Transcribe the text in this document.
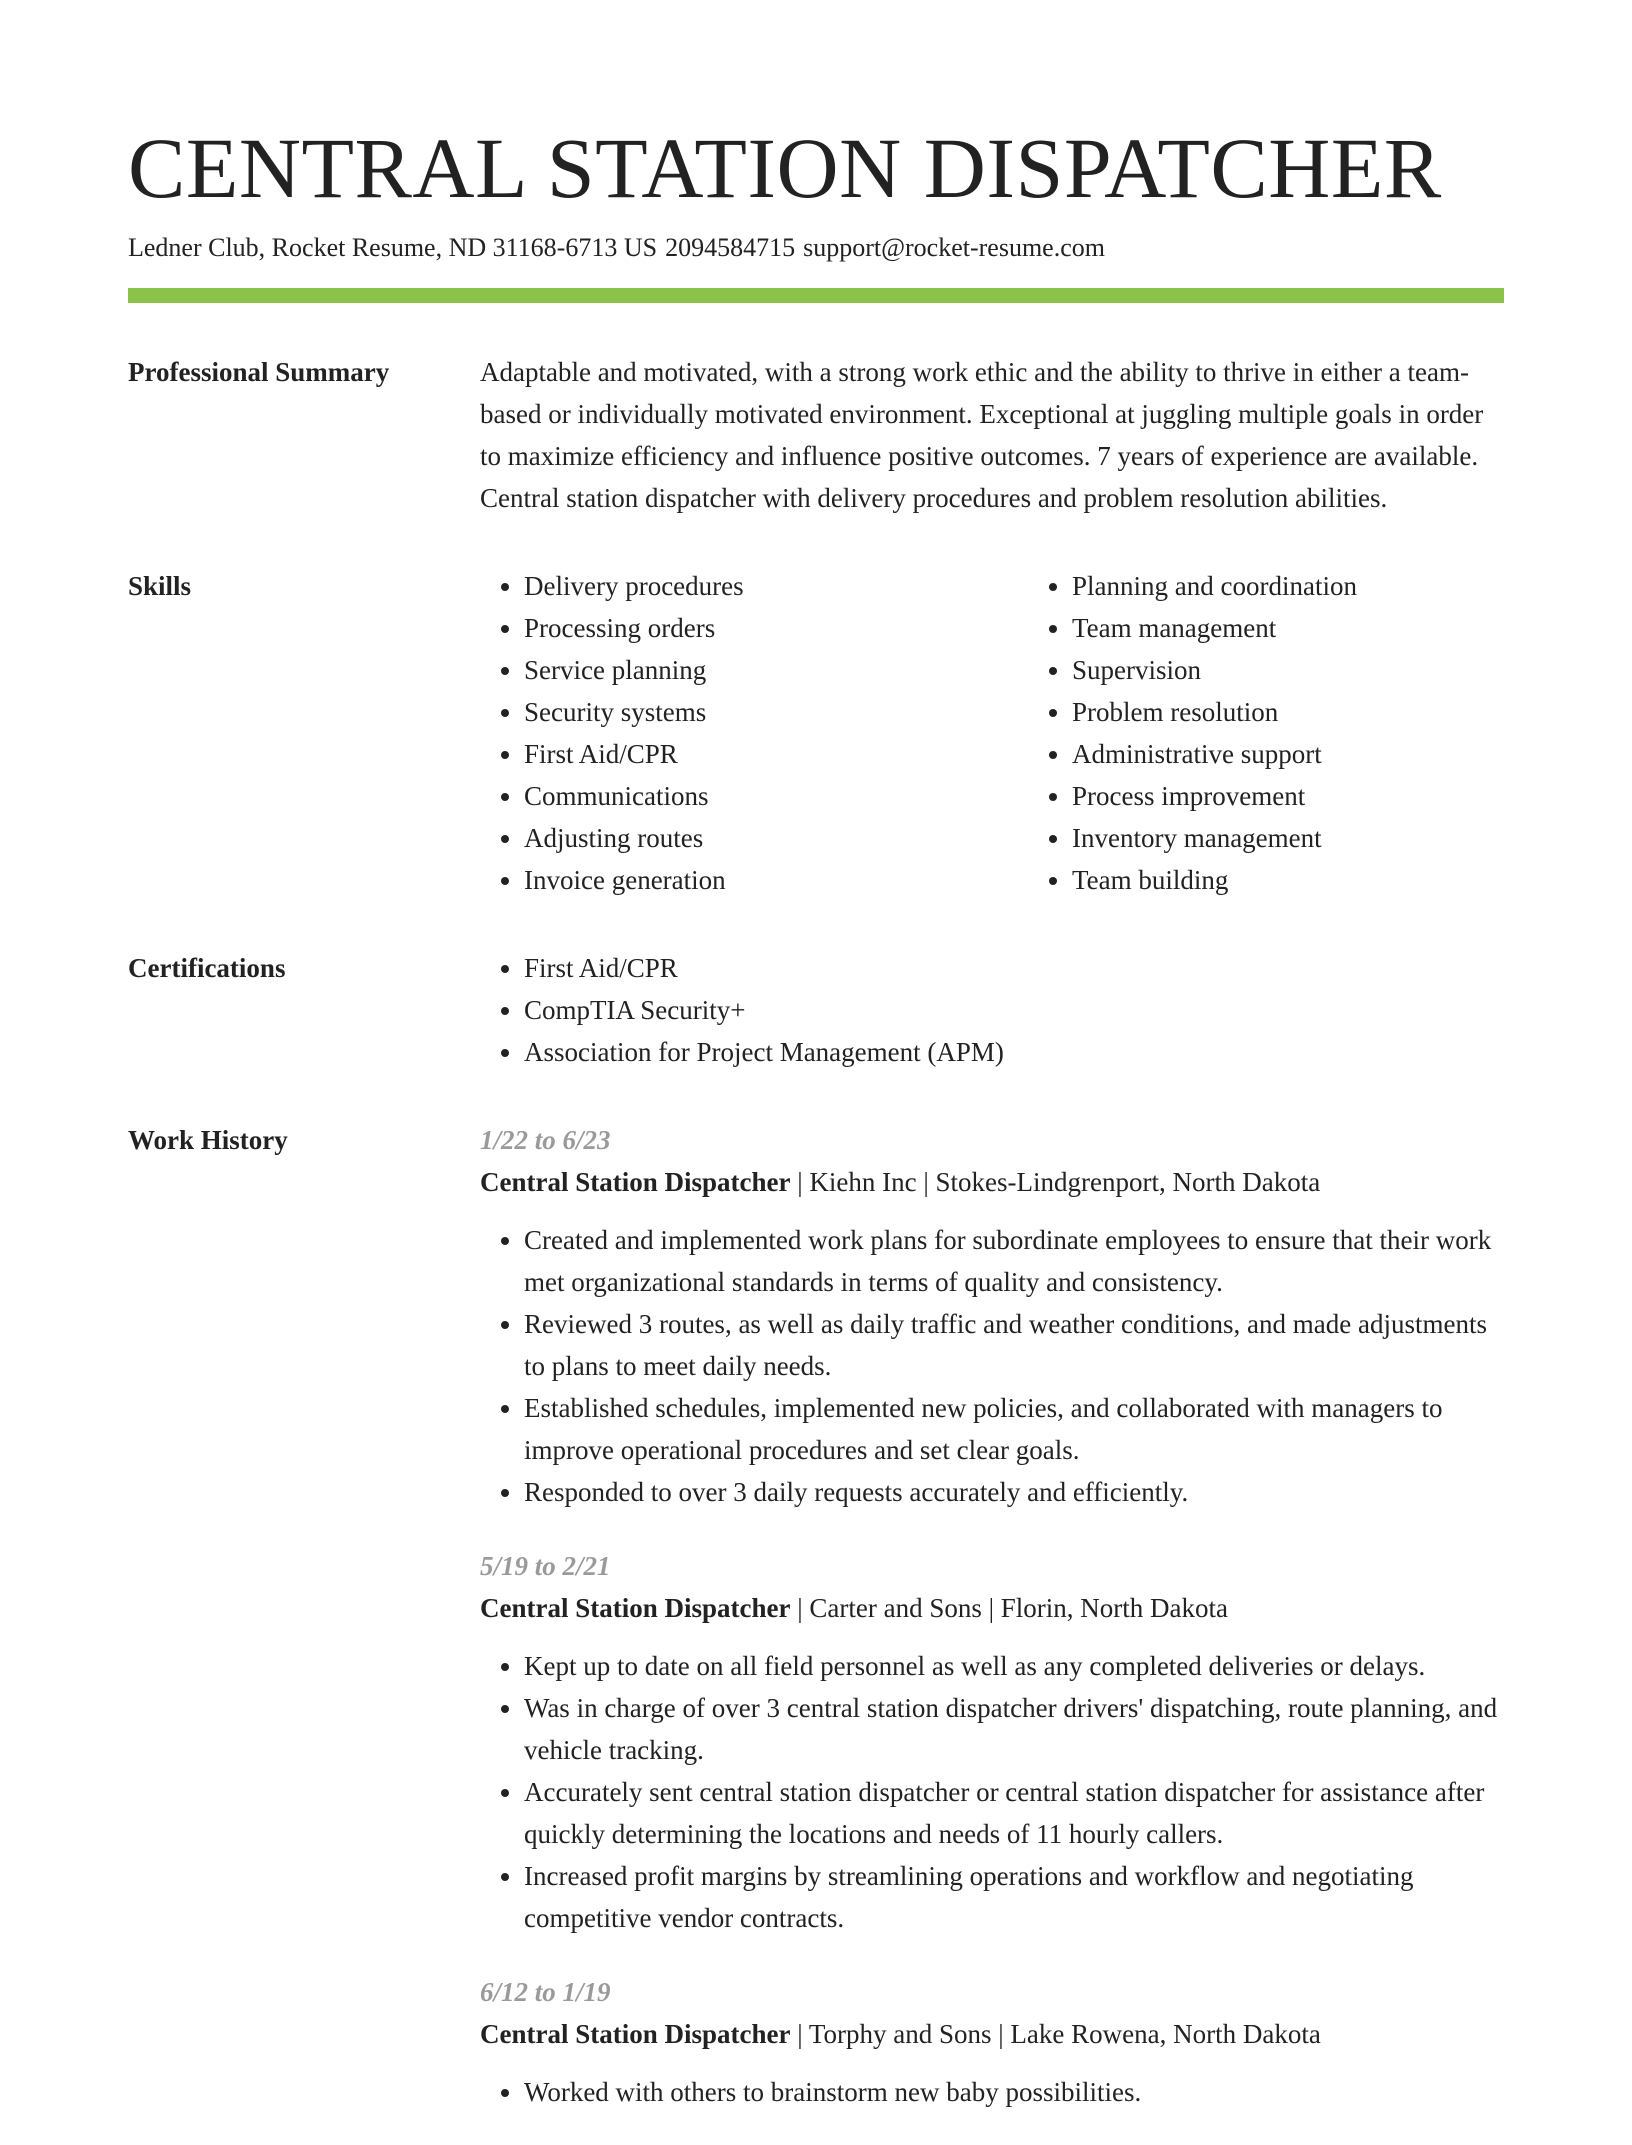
CENTRAL STATION DISPATCHER
Ledner Club, Rocket Resume, ND 31168-6713 US 2094584715 support@rocket-resume.com
Professional Summary	Adaptable and motivated, with a strong work ethic and the ability to thrive in either a team-based or individually motivated environment. Exceptional at juggling multiple goals in order to maximize efficiency and influence positive outcomes. 7 years of experience are available. Central station dispatcher with delivery procedures and problem resolution abilities.

Skills	• Delivery procedures
• Processing orders
• Service planning
• Security systems
• First Aid/CPR
• Communications
• Adjusting routes
• Invoice generation
• Planning and coordination
• Team management
• Supervision
• Problem resolution
• Administrative support
• Process improvement
• Inventory management
• Team building
Certifications	• First Aid/CPR
• CompTIA Security+
• Association for Project Management (APM)
Work History	1/22 to 6/23
Central Station Dispatcher | Kiehn Inc | Stokes-Lindgrenport, North Dakota
• Created and implemented work plans for subordinate employees to ensure that their work met organizational standards in terms of quality and consistency.
• Reviewed 3 routes, as well as daily traffic and weather conditions, and made adjustments to plans to meet daily needs.
• Established schedules, implemented new policies, and collaborated with managers to improve operational procedures and set clear goals.
• Responded to over 3 daily requests accurately and efficiently.
5/19 to 2/21
Central Station Dispatcher | Carter and Sons | Florin, North Dakota
• Kept up to date on all field personnel as well as any completed deliveries or delays.
• Was in charge of over 3 central station dispatcher drivers' dispatching, route planning, and vehicle tracking.
• Accurately sent central station dispatcher or central station dispatcher for assistance after quickly determining the locations and needs of 11 hourly callers.
• Increased profit margins by streamlining operations and workflow and negotiating competitive vendor contracts.
6/12 to 1/19
Central Station Dispatcher | Torphy and Sons | Lake Rowena, North Dakota
• Worked with others to brainstorm new baby possibilities.
